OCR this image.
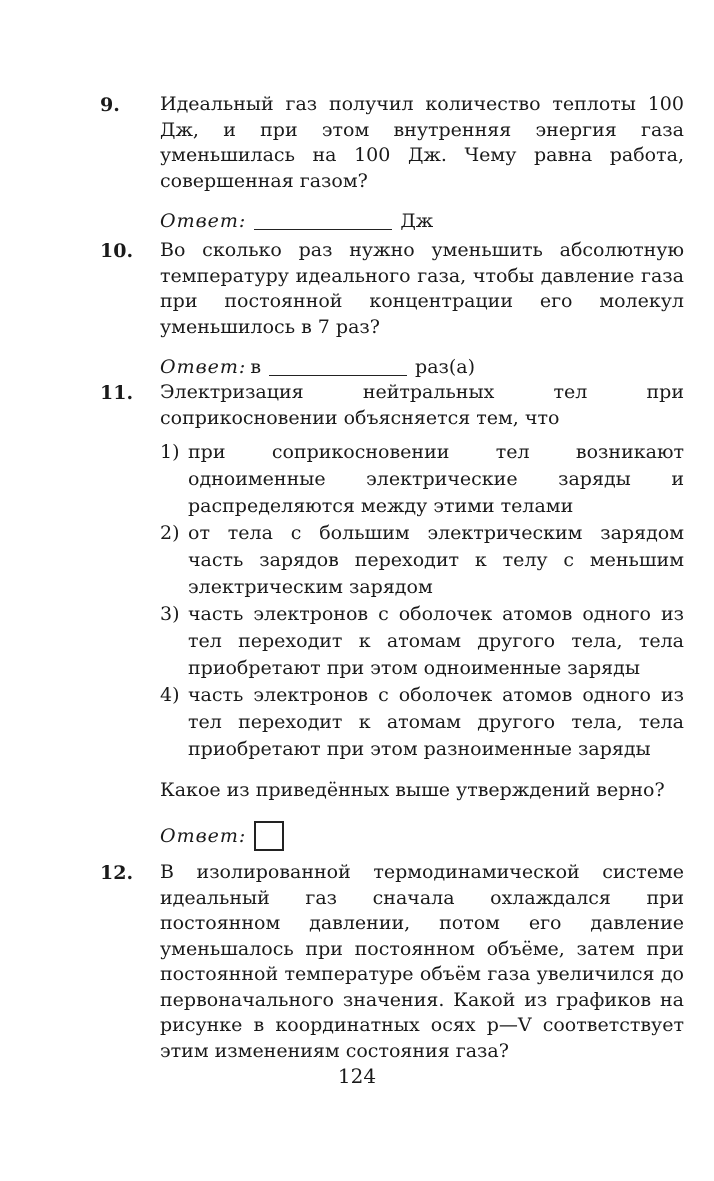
9. Идеальный газ получил количество теплоты 100 Дж, и при этом внутренняя энергия газа уменьшилась на 100 Дж. Чему равна работа, совершенная газом?
Ответ:	Дж
10. Во сколько раз нужно уменьшить абсолютную температуру идеального газа, чтобы давление газа при постоянной концентрации его молекул уменьшилось в 7 раз?
Ответ: в	раз(а)
11. Электризация нейтральных тел при соприкосновении объясняется тем, что
1) при соприкосновении тел возникают одноименные электрические заряды и распределяются между этими телами
2) от тела с большим электрическим зарядом часть зарядов переходит к телу с меньшим электрическим зарядом
3) часть электронов с оболочек атомов одного из тел переходит к атомам другого тела, тела приобретают при этом одноименные заряды
4) часть электронов с оболочек атомов одного из тел переходит к атомам другого тела, тела приобретают при этом разноименные заряды
Какое из приведённых выше утверждений верно?
Ответ:
12. В изолированной термодинамической системе идеальный газ сначала охлаждался при постоянном давлении, потом его давление уменьшалось при постоянном объёме, затем при постоянной температуре объём газа увеличился до первоначального значения. Какой из графиков на рисунке в координатных осях p—V соответствует этим изменениям состояния газа?
124
